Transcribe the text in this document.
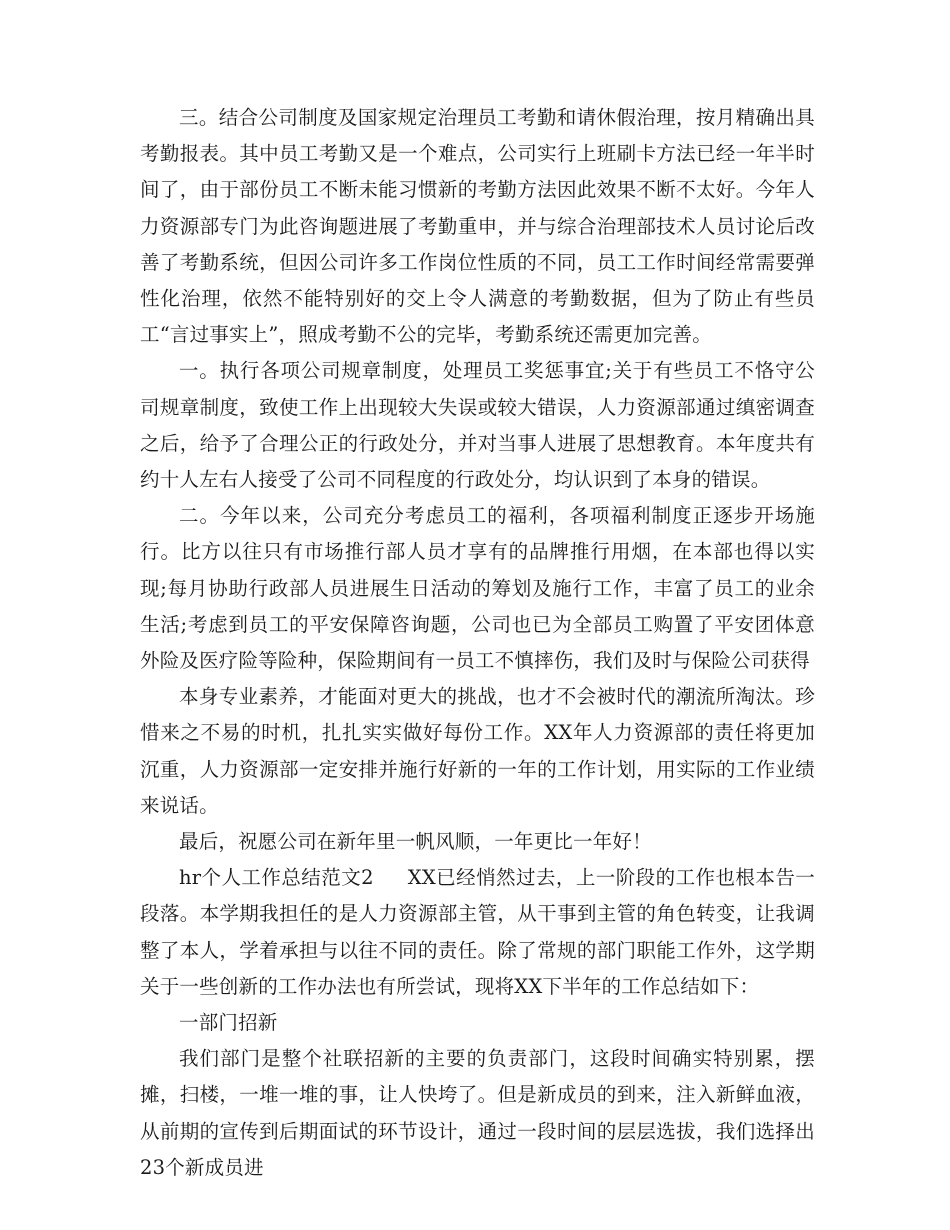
三。结合公司制度及国家规定治理员工考勤和请休假治理，按月精确出具考勤报表。其中员工考勤又是一个难点，公司实行上班刷卡方法已经一年半时间了，由于部份员工不断未能习惯新的考勤方法因此效果不断不太好。今年人力资源部专门为此咨询题进展了考勤重申，并与综合治理部技术人员讨论后改善了考勤系统，但因公司许多工作岗位性质的不同，员工工作时间经常需要弹性化治理，依然不能特别好的交上令人满意的考勤数据，但为了防止有些员工“言过事实上”，照成考勤不公的完毕，考勤系统还需更加完善。

一。执行各项公司规章制度，处理员工奖惩事宜;关于有些员工不恪守公司规章制度，致使工作上出现较大失误或较大错误，人力资源部通过缜密调查之后，给予了合理公正的行政处分，并对当事人进展了思想教育。本年度共有约十人左右人接受了公司不同程度的行政处分，均认识到了本身的错误。

二。今年以来，公司充分考虑员工的福利，各项福利制度正逐步开场施行。比方以往只有市场推行部人员才享有的品牌推行用烟，在本部也得以实现;每月协助行政部人员进展生日活动的筹划及施行工作，丰富了员工的业余生活;考虑到员工的平安保障咨询题，公司也已为全部员工购置了平安团体意外险及医疗险等险种，保险期间有一员工不慎摔伤，我们及时与保险公司获得

本身专业素养，才能面对更大的挑战，也才不会被时代的潮流所淘汰。珍惜来之不易的时机，扎扎实实做好每份工作。XX年人力资源部的责任将更加沉重，人力资源部一定安排并施行好新的一年的工作计划，用实际的工作业绩来说话。

最后，祝愿公司在新年里一帆风顺，一年更比一年好！

hr个人工作总结范文2 XX已经悄然过去，上一阶段的工作也根本告一段落。本学期我担任的是人力资源部主管，从干事到主管的角色转变，让我调整了本人，学着承担与以往不同的责任。除了常规的部门职能工作外，这学期关于一些创新的工作办法也有所尝试，现将XX下半年的工作总结如下：

一部门招新

我们部门是整个社联招新的主要的负责部门，这段时间确实特别累，摆摊，扫楼，一堆一堆的事，让人快垮了。但是新成员的到来，注入新鲜血液，从前期的宣传到后期面试的环节设计，通过一段时间的层层选拔，我们选择出23个新成员进
